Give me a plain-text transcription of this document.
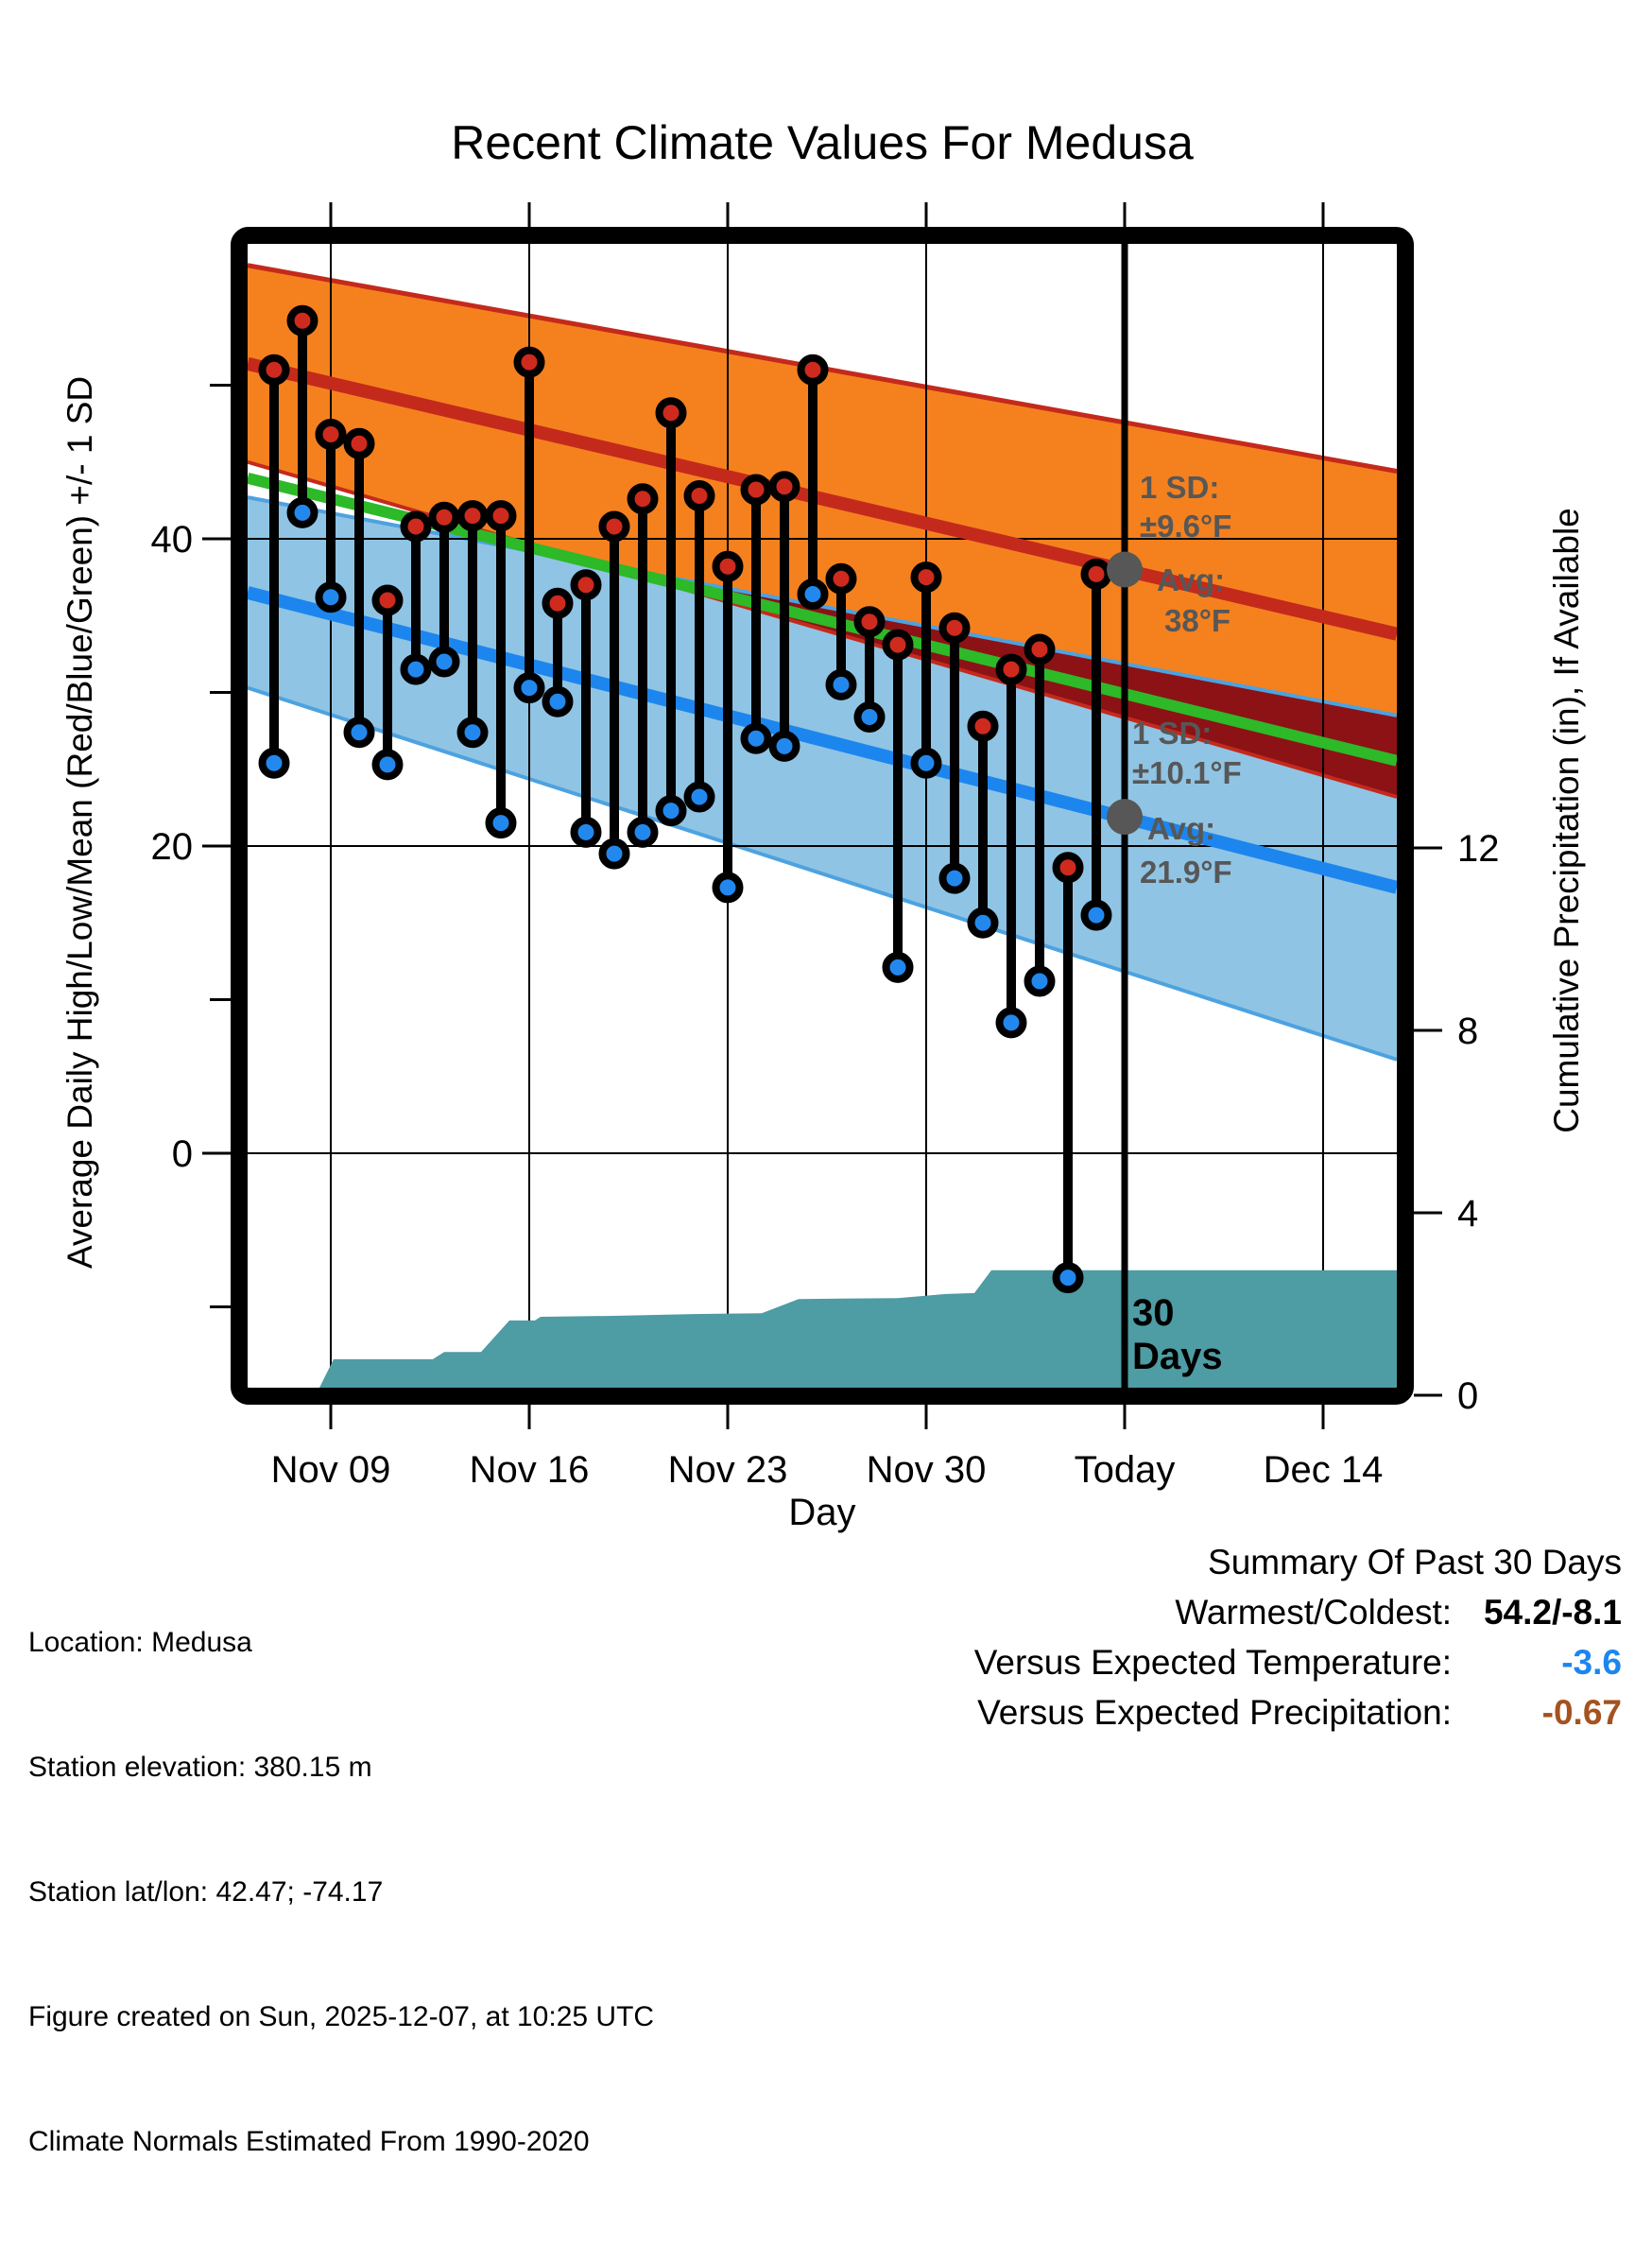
Recent Climate Values For Medusa
Average Daily High/Low/Mean (Red/Blue/Green) +/- 1 SD	Cumulative Precipitation (in), If Available
Day
1 SD:
±9.6°F
Avg:
38°F
1 SD:
±10.1°F
Avg:
21.9°F
30
Days
Nov 09 Nov 16 Nov 23 Nov 30 Today Dec 14
40
20
0
0
4
8
12

Location: Medusa

Station elevation: 380.15 m

Station lat/lon: 42.47; -74.17

Figure created on Sun, 2025-12-07, at 10:25 UTC

Climate Normals Estimated From 1990-2020

Summary Of Past 30 Days
Warmest/Coldest: 54.2/-8.1
Versus Expected Temperature:	-3.6
Versus Expected Precipitation:	-0.67
